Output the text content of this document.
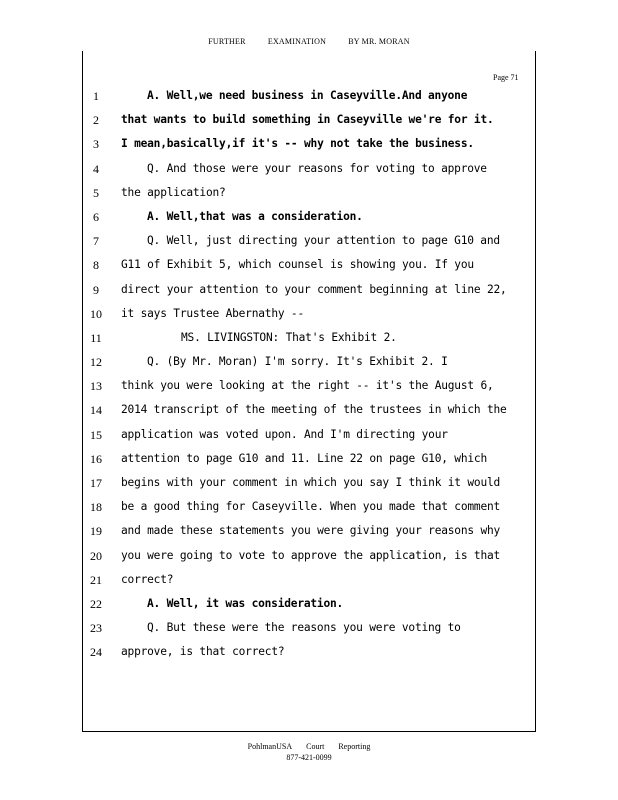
FURTHER	EXAMINATION	BY MR. MORAN
Page 71
1
2
3
4
5
6
7
8
9
10
11
12
13
14
15
16
17
18
19
20
21
22
23
24
A. Well,we need business in Caseyville.And anyone
that wants to build something in Caseyville we're for it.
I mean,basically,if it's -- why not take the business.
Q. And those were your reasons for voting to approve
the application?
A. Well,that was a consideration.
Q. Well, just directing your attention to page G10 and
G11 of Exhibit 5, which counsel is showing you. If you
direct your attention to your comment beginning at line 22,
it says Trustee Abernathy --
MS. LIVINGSTON: That's Exhibit 2.
Q. (By Mr. Moran) I'm sorry. It's Exhibit 2. I
think you were looking at the right -- it's the August 6,
2014 transcript of the meeting of the trustees in which the
application was voted upon. And I'm directing your
attention to page G10 and 11. Line 22 on page G10, which
begins with your comment in which you say I think it would
be a good thing for Caseyville. When you made that comment
and made these statements you were giving your reasons why
you were going to vote to approve the application, is that
correct?
A. Well, it was consideration.
Q. But these were the reasons you were voting to
approve, is that correct?
PohlmanUSA Court Reporting
877-421-0099
